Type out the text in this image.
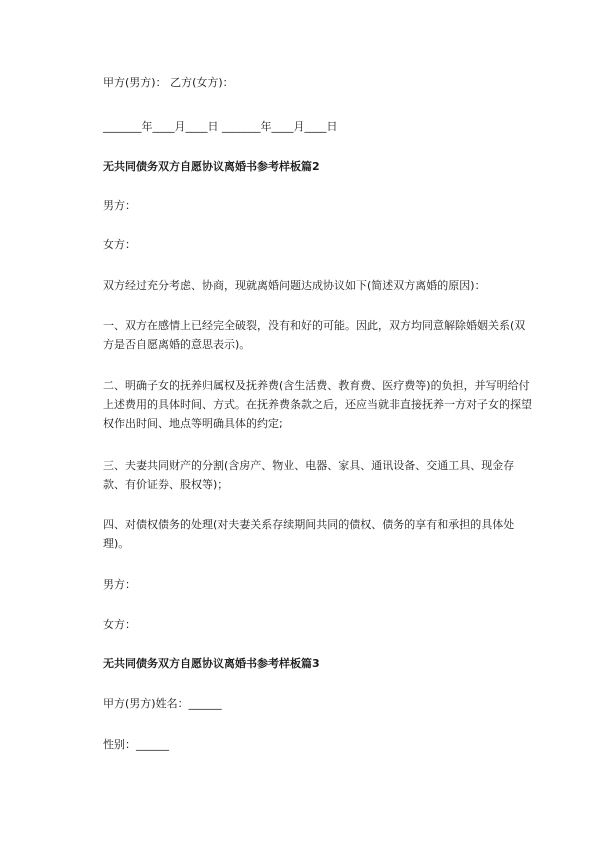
甲方(男方)： 乙方(女方)：
_______年____月____日 _______年____月____日
无共同债务双方自愿协议离婚书参考样板篇2
男方：
女方：
双方经过充分考虑、协商，现就离婚问题达成协议如下(简述双方离婚的原因)：
一、双方在感情上已经完全破裂，没有和好的可能。因此，双方均同意解除婚姻关系(双方是否自愿离婚的意思表示)。
二、明确子女的抚养归属权及抚养费(含生活费、教育费、医疗费等)的负担，并写明给付上述费用的具体时间、方式。在抚养费条款之后，还应当就非直接抚养一方对子女的探望权作出时间、地点等明确具体的约定;
三、夫妻共同财产的分割(含房产、物业、电器、家具、通讯设备、交通工具、现金存款、有价证券、股权等)；
四、对债权债务的处理(对夫妻关系存续期间共同的债权、债务的享有和承担的具体处理)。
男方：
女方：
无共同债务双方自愿协议离婚书参考样板篇3
甲方(男方)姓名：______
性别：______
